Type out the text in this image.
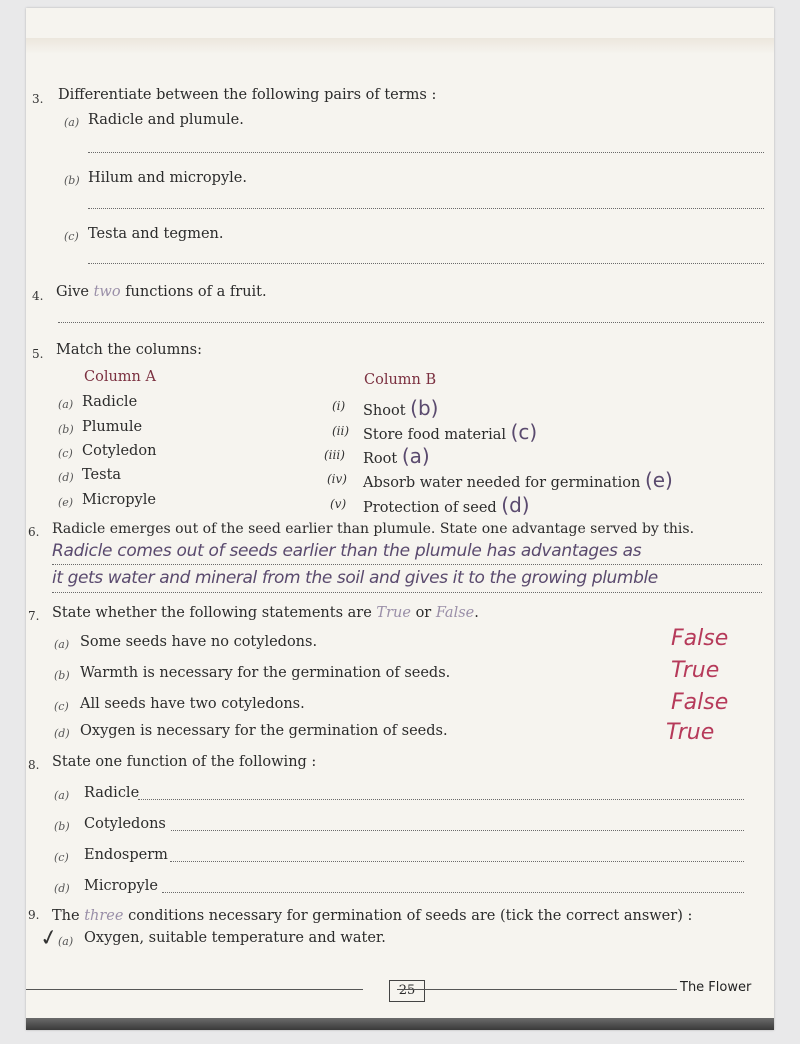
3. Differentiate between the following pairs of terms :
(a) Radicle and plumule.
(b) Hilum and micropyle.
(c) Testa and tegmen.
4. Give two functions of a fruit.
5. Match the columns:
Column A	Column B
(a) Radicle	(i) Shoot (b)
(b) Plumule	(ii) Store food material (c)
(c) Cotyledon	(iii) Root (a)
(d) Testa	(iv) Absorb water needed for germination (e)
(e) Micropyle	(v) Protection of seed (d)
6. Radicle emerges out of the seed earlier than plumule. State one advantage served by this.
Radicle comes out of seeds earlier than the plumule has advantages as
it gets water and mineral from the soil and gives it to the growing plumble
7. State whether the following statements are True or False.
(a) Some seeds have no cotyledons.	False
(b) Warmth is necessary for the germination of seeds.	True
(c) All seeds have two cotyledons.	False
(d) Oxygen is necessary for the germination of seeds.	True
8. State one function of the following :
(a) Radicle
(b) Cotyledons
(c) Endosperm
(d) Micropyle
9. The three conditions necessary for germination of seeds are (tick the correct answer) :
✓
(a) Oxygen, suitable temperature and water.
25	The Flower
